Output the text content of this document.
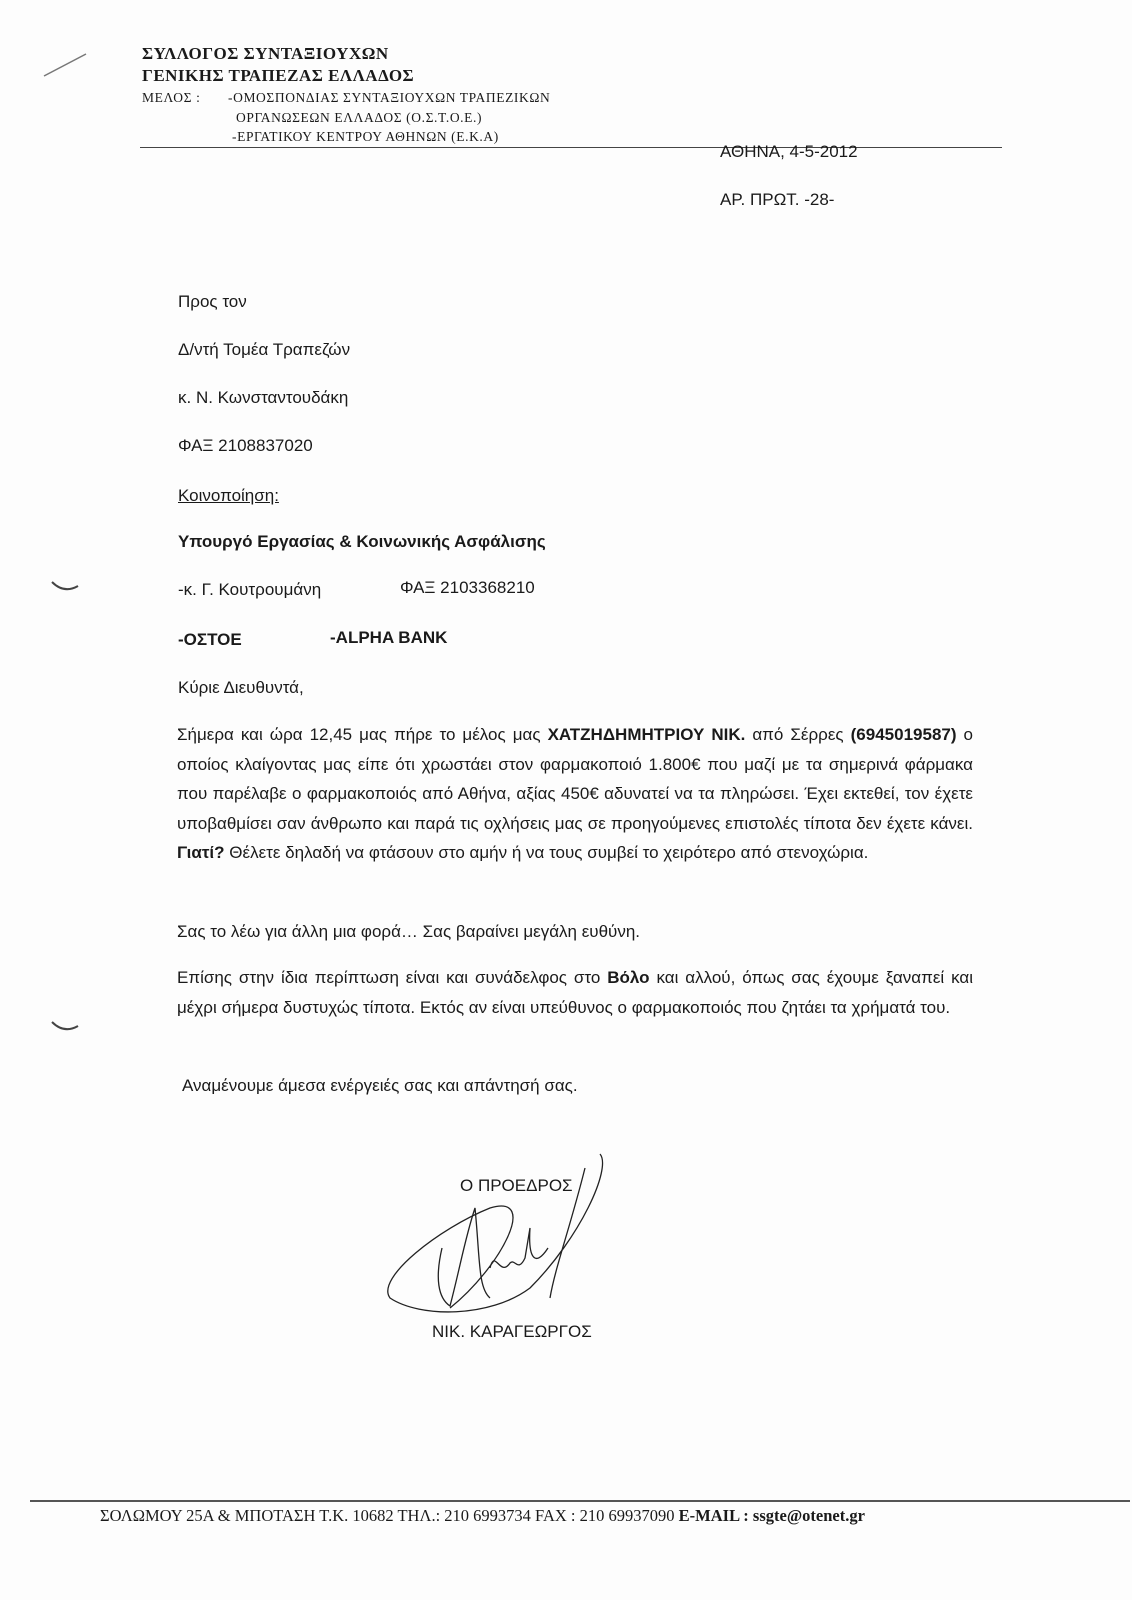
ΣΥΛΛΟΓΟΣ ΣΥΝΤΑΞΙΟΥΧΩΝ
ΓΕΝΙΚΗΣ ΤΡΑΠΕΖΑΣ ΕΛΛΑΔΟΣ
ΜΕΛΟΣ : -ΟΜΟΣΠΟΝΔΙΑΣ ΣΥΝΤΑΞΙΟΥΧΩΝ ΤΡΑΠΕΖΙΚΩΝ
ΟΡΓΑΝΩΣΕΩΝ ΕΛΛΑΔΟΣ (Ο.Σ.Τ.Ο.Ε.)
-ΕΡΓΑΤΙΚΟΥ ΚΕΝΤΡΟΥ ΑΘΗΝΩΝ (Ε.Κ.Α)
ΑΘΗΝΑ, 4-5-2012
ΑΡ. ΠΡΩΤ. -28-
Προς τον
Δ/ντή Τομέα Τραπεζών
κ. Ν. Κωνσταντουδάκη
ΦΑΞ 2108837020
Κοινοποίηση:
Υπουργό Εργασίας & Κοινωνικής Ασφάλισης
-κ. Γ. Κουτρουμάνη	ΦΑΞ 2103368210
-ΟΣΤΟΕ	-ALPHA BANK
Κύριε Διευθυντά,
Σήμερα και ώρα 12,45 μας πήρε το μέλος μας ΧΑΤΖΗΔΗΜΗΤΡΙΟΥ ΝΙΚ. από Σέρρες (6945019587) ο οποίος κλαίγοντας μας είπε ότι χρωστάει στον φαρμακοποιό 1.800€ που μαζί με τα σημερινά φάρμακα που παρέλαβε ο φαρμακοποιός από Αθήνα, αξίας 450€ αδυνατεί να τα πληρώσει. Έχει εκτεθεί, τον έχετε υποβαθμίσει σαν άνθρωπο και παρά τις οχλήσεις μας σε προηγούμενες επιστολές τίποτα δεν έχετε κάνει. Γιατί? Θέλετε δηλαδή να φτάσουν στο αμήν ή να τους συμβεί το χειρότερο από στενοχώρια.
Σας το λέω για άλλη μια φορά… Σας βαραίνει μεγάλη ευθύνη.
Επίσης στην ίδια περίπτωση είναι και συνάδελφος στο Βόλο και αλλού, όπως σας έχουμε ξαναπεί και μέχρι σήμερα δυστυχώς τίποτα. Εκτός αν είναι υπεύθυνος ο φαρμακοποιός που ζητάει τα χρήματά του.
Αναμένουμε άμεσα ενέργειές σας και απάντησή σας.
Ο ΠΡΟΕΔΡΟΣ
ΝΙΚ. ΚΑΡΑΓΕΩΡΓΟΣ
ΣΟΛΩΜΟΥ 25Α & ΜΠΟΤΑΣΗ Τ.Κ. 10682 ΤΗΛ.: 210 6993734 FAX : 210 69937090 E-MAIL : ssgte@otenet.gr
